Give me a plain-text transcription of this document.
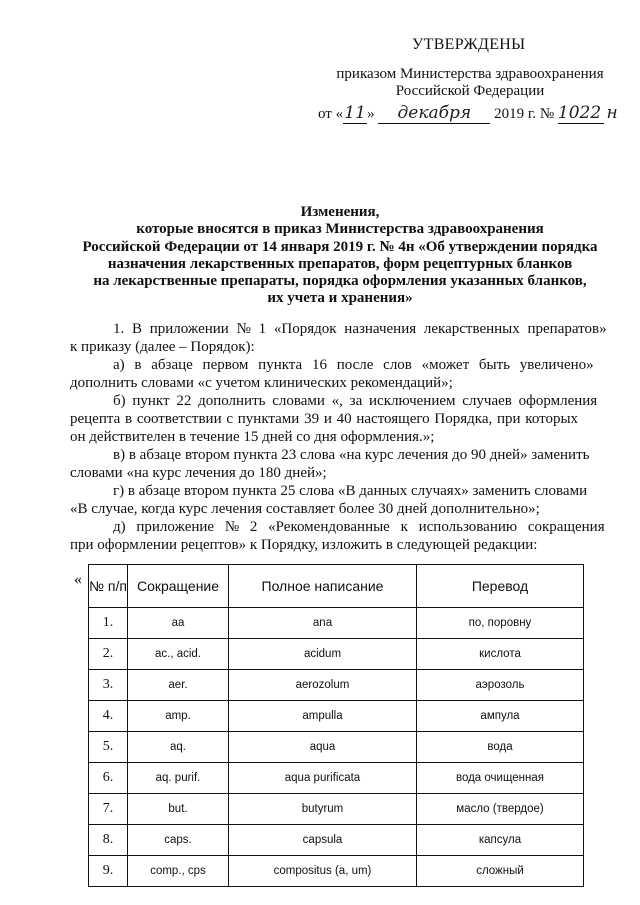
УТВЕРЖДЕНЫ
приказом Министерства здравоохранения
Российской Федерации
от «11» декабря 2019 г. № 1022 н
Изменения,
которые вносятся в приказ Министерства здравоохранения
Российской Федерации от 14 января 2019 г. № 4н «Об утверждении порядка
назначения лекарственных препаратов, форм рецептурных бланков
на лекарственные препараты, порядка оформления указанных бланков,
их учета и хранения»
1. В приложении № 1 «Порядок назначения лекарственных препаратов»
к приказу (далее – Порядок):
а) в абзаце первом пункта 16 после слов «может быть увеличено»
дополнить словами «с учетом клинических рекомендаций»;
б) пункт 22 дополнить словами «, за исключением случаев оформления
рецепта в соответствии с пунктами 39 и 40 настоящего Порядка, при которых
он действителен в течение 15 дней со дня оформления.»;
в) в абзаце втором пункта 23 слова «на курс лечения до 90 дней» заменить
словами «на курс лечения до 180 дней»;
г) в абзаце втором пункта 25 слова «В данных случаях» заменить словами
«В случае, когда курс лечения составляет более 30 дней дополнительно»;
д) приложение № 2 «Рекомендованные к использованию сокращения
при оформлении рецептов» к Порядку, изложить в следующей редакции:
« № п/п	Сокращение	Полное написание	Перевод
1.	aa	ana	по, поровну
2.	ac., acid.	acidum	кислота
3.	aer.	aerozolum	аэрозоль
4.	amp.	ampulla	ампула
5.	aq.	aqua	вода
6.	aq. purif.	aqua purificata	вода очищенная
7.	but.	butyrum	масло (твердое)
8.	caps.	capsula	капсула
9.	comp., cps	compositus (a, um)	сложный
